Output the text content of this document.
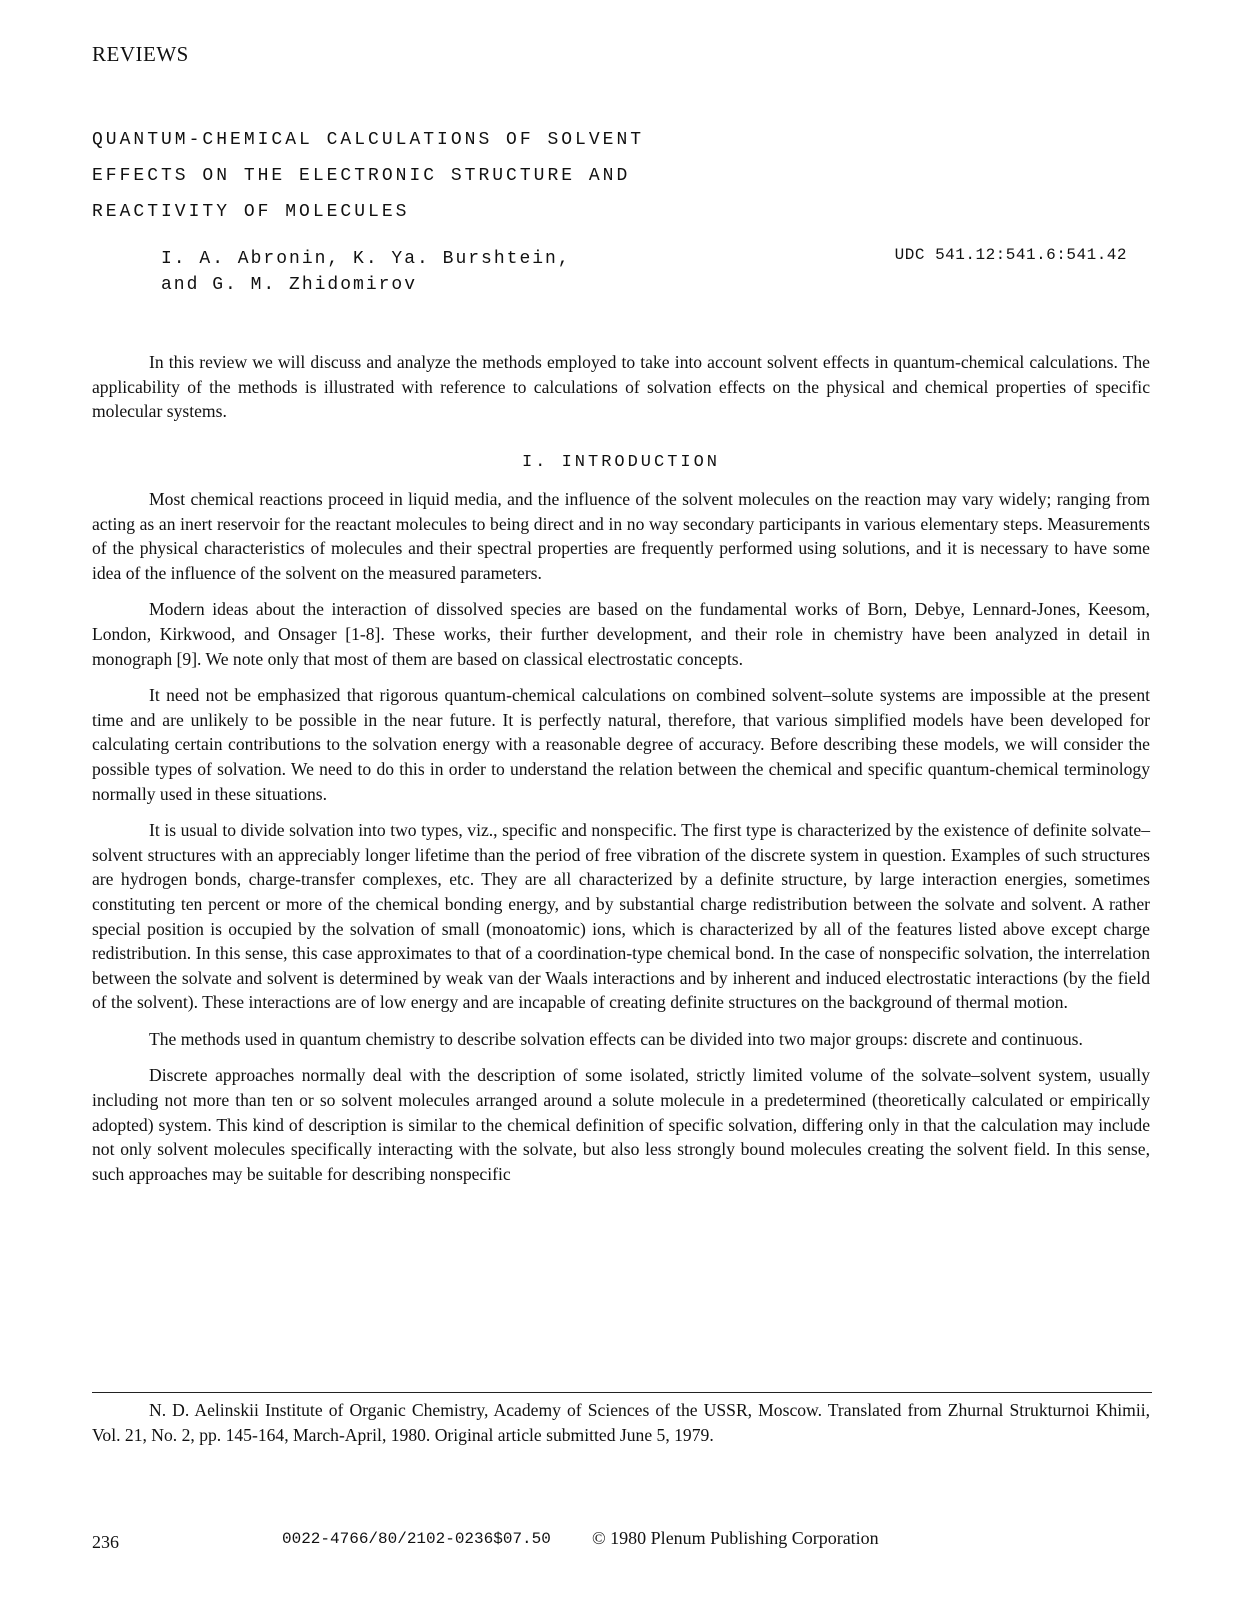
REVIEWS
QUANTUM-CHEMICAL CALCULATIONS OF SOLVENT
EFFECTS ON THE ELECTRONIC STRUCTURE AND
REACTIVITY OF MOLECULES
I. A. Abronin, K. Ya. Burshtein,
and G. M. Zhidomirov
UDC 541.12:541.6:541.42

In this review we will discuss and analyze the methods employed to take into account solvent effects in quantum-chemical calculations. The applicability of the methods is illustrated with reference to calculations of solvation effects on the physical and chemical properties of specific molecular systems.

I. INTRODUCTION

Most chemical reactions proceed in liquid media, and the influence of the solvent molecules on the reaction may vary widely; ranging from acting as an inert reservoir for the reactant molecules to being direct and in no way secondary participants in various elementary steps. Measurements of the physical characteristics of molecules and their spectral properties are frequently performed using solutions, and it is necessary to have some idea of the influence of the solvent on the measured parameters.

Modern ideas about the interaction of dissolved species are based on the fundamental works of Born, Debye, Lennard-Jones, Keesom, London, Kirkwood, and Onsager [1-8]. These works, their further development, and their role in chemistry have been analyzed in detail in monograph [9]. We note only that most of them are based on classical electrostatic concepts.

It need not be emphasized that rigorous quantum-chemical calculations on combined solvent–solute systems are impossible at the present time and are unlikely to be possible in the near future. It is perfectly natural, therefore, that various simplified models have been developed for calculating certain contributions to the solvation energy with a reasonable degree of accuracy. Before describing these models, we will consider the possible types of solvation. We need to do this in order to understand the relation between the chemical and specific quantum-chemical terminology normally used in these situations.

It is usual to divide solvation into two types, viz., specific and nonspecific. The first type is characterized by the existence of definite solvate–solvent structures with an appreciably longer lifetime than the period of free vibration of the discrete system in question. Examples of such structures are hydrogen bonds, charge-transfer complexes, etc. They are all characterized by a definite structure, by large interaction energies, sometimes constituting ten percent or more of the chemical bonding energy, and by substantial charge redistribution between the solvate and solvent. A rather special position is occupied by the solvation of small (monoatomic) ions, which is characterized by all of the features listed above except charge redistribution. In this sense, this case approximates to that of a coordination-type chemical bond. In the case of nonspecific solvation, the interrelation between the solvate and solvent is determined by weak van der Waals interactions and by inherent and induced electrostatic interactions (by the field of the solvent). These interactions are of low energy and are incapable of creating definite structures on the background of thermal motion.

The methods used in quantum chemistry to describe solvation effects can be divided into two major groups: discrete and continuous.

Discrete approaches normally deal with the description of some isolated, strictly limited volume of the solvate–solvent system, usually including not more than ten or so solvent molecules arranged around a solute molecule in a predetermined (theoretically calculated or empirically adopted) system. This kind of description is similar to the chemical definition of specific solvation, differing only in that the calculation may include not only solvent molecules specifically interacting with the solvate, but also less strongly bound molecules creating the solvent field. In this sense, such approaches may be suitable for describing nonspecific

N. D. Aelinskii Institute of Organic Chemistry, Academy of Sciences of the USSR, Moscow. Translated from Zhurnal Strukturnoi Khimii, Vol. 21, No. 2, pp. 145-164, March-April, 1980. Original article submitted June 5, 1979.

236	0022-4766/80/2102-0236$07.50 © 1980 Plenum Publishing Corporation
